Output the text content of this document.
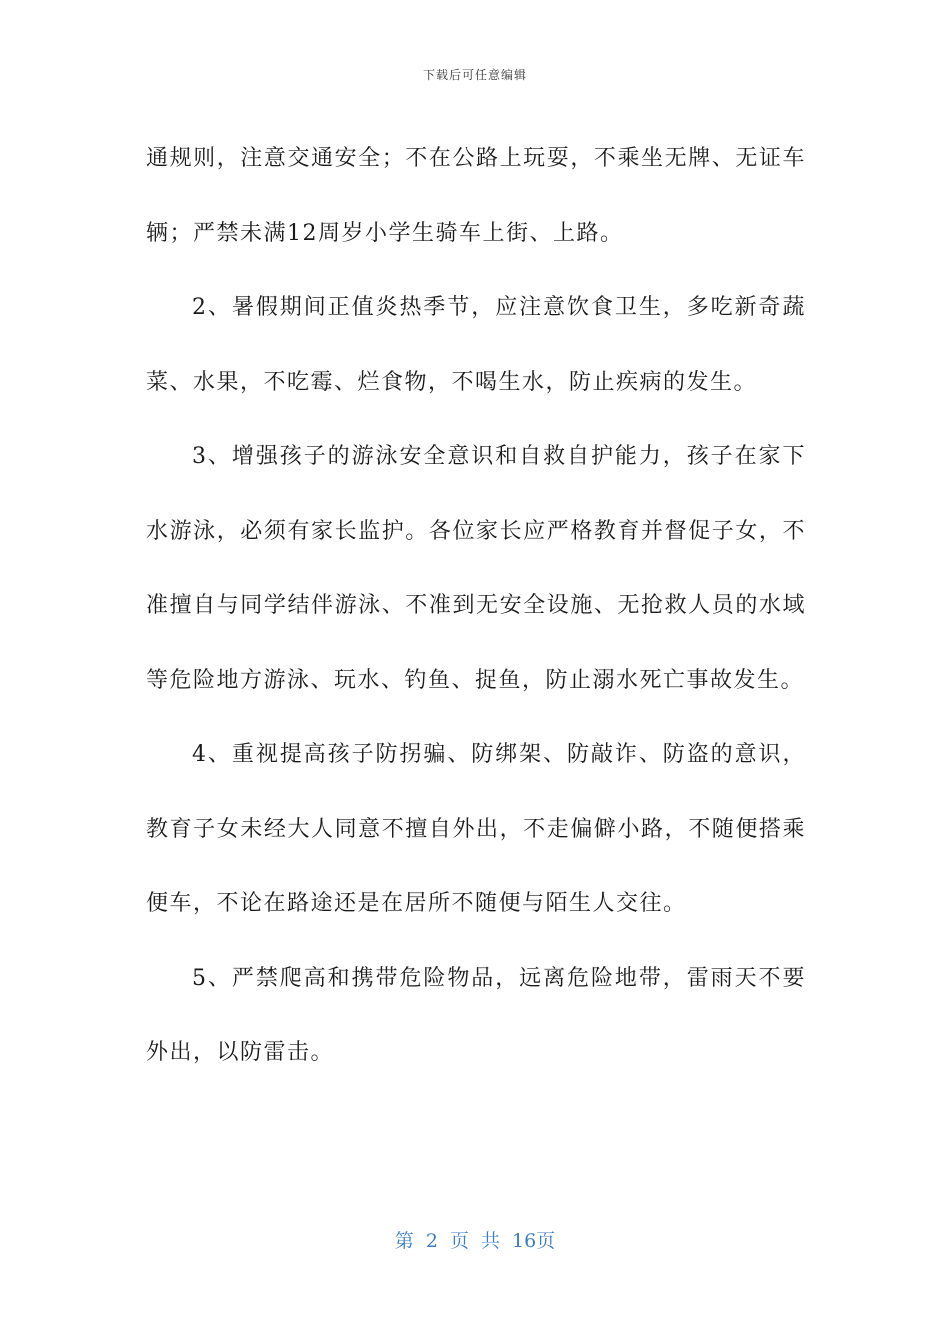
下载后可任意编辑

通规则，注意交通安全；不在公路上玩耍，不乘坐无牌、无证车辆；严禁未满12周岁小学生骑车上街、上路。

2、暑假期间正值炎热季节，应注意饮食卫生，多吃新奇蔬菜、水果，不吃霉、烂食物，不喝生水，防止疾病的发生。

3、增强孩子的游泳安全意识和自救自护能力，孩子在家下水游泳，必须有家长监护。各位家长应严格教育并督促子女，不准擅自与同学结伴游泳、不准到无安全设施、无抢救人员的水域等危险地方游泳、玩水、钓鱼、捉鱼，防止溺水死亡事故发生。

4、重视提高孩子防拐骗、防绑架、防敲诈、防盗的意识，教育子女未经大人同意不擅自外出，不走偏僻小路，不随便搭乘便车，不论在路途还是在居所不随便与陌生人交往。

5、严禁爬高和携带危险物品，远离危险地带，雷雨天不要外出，以防雷击。

第 2 页 共 16页
